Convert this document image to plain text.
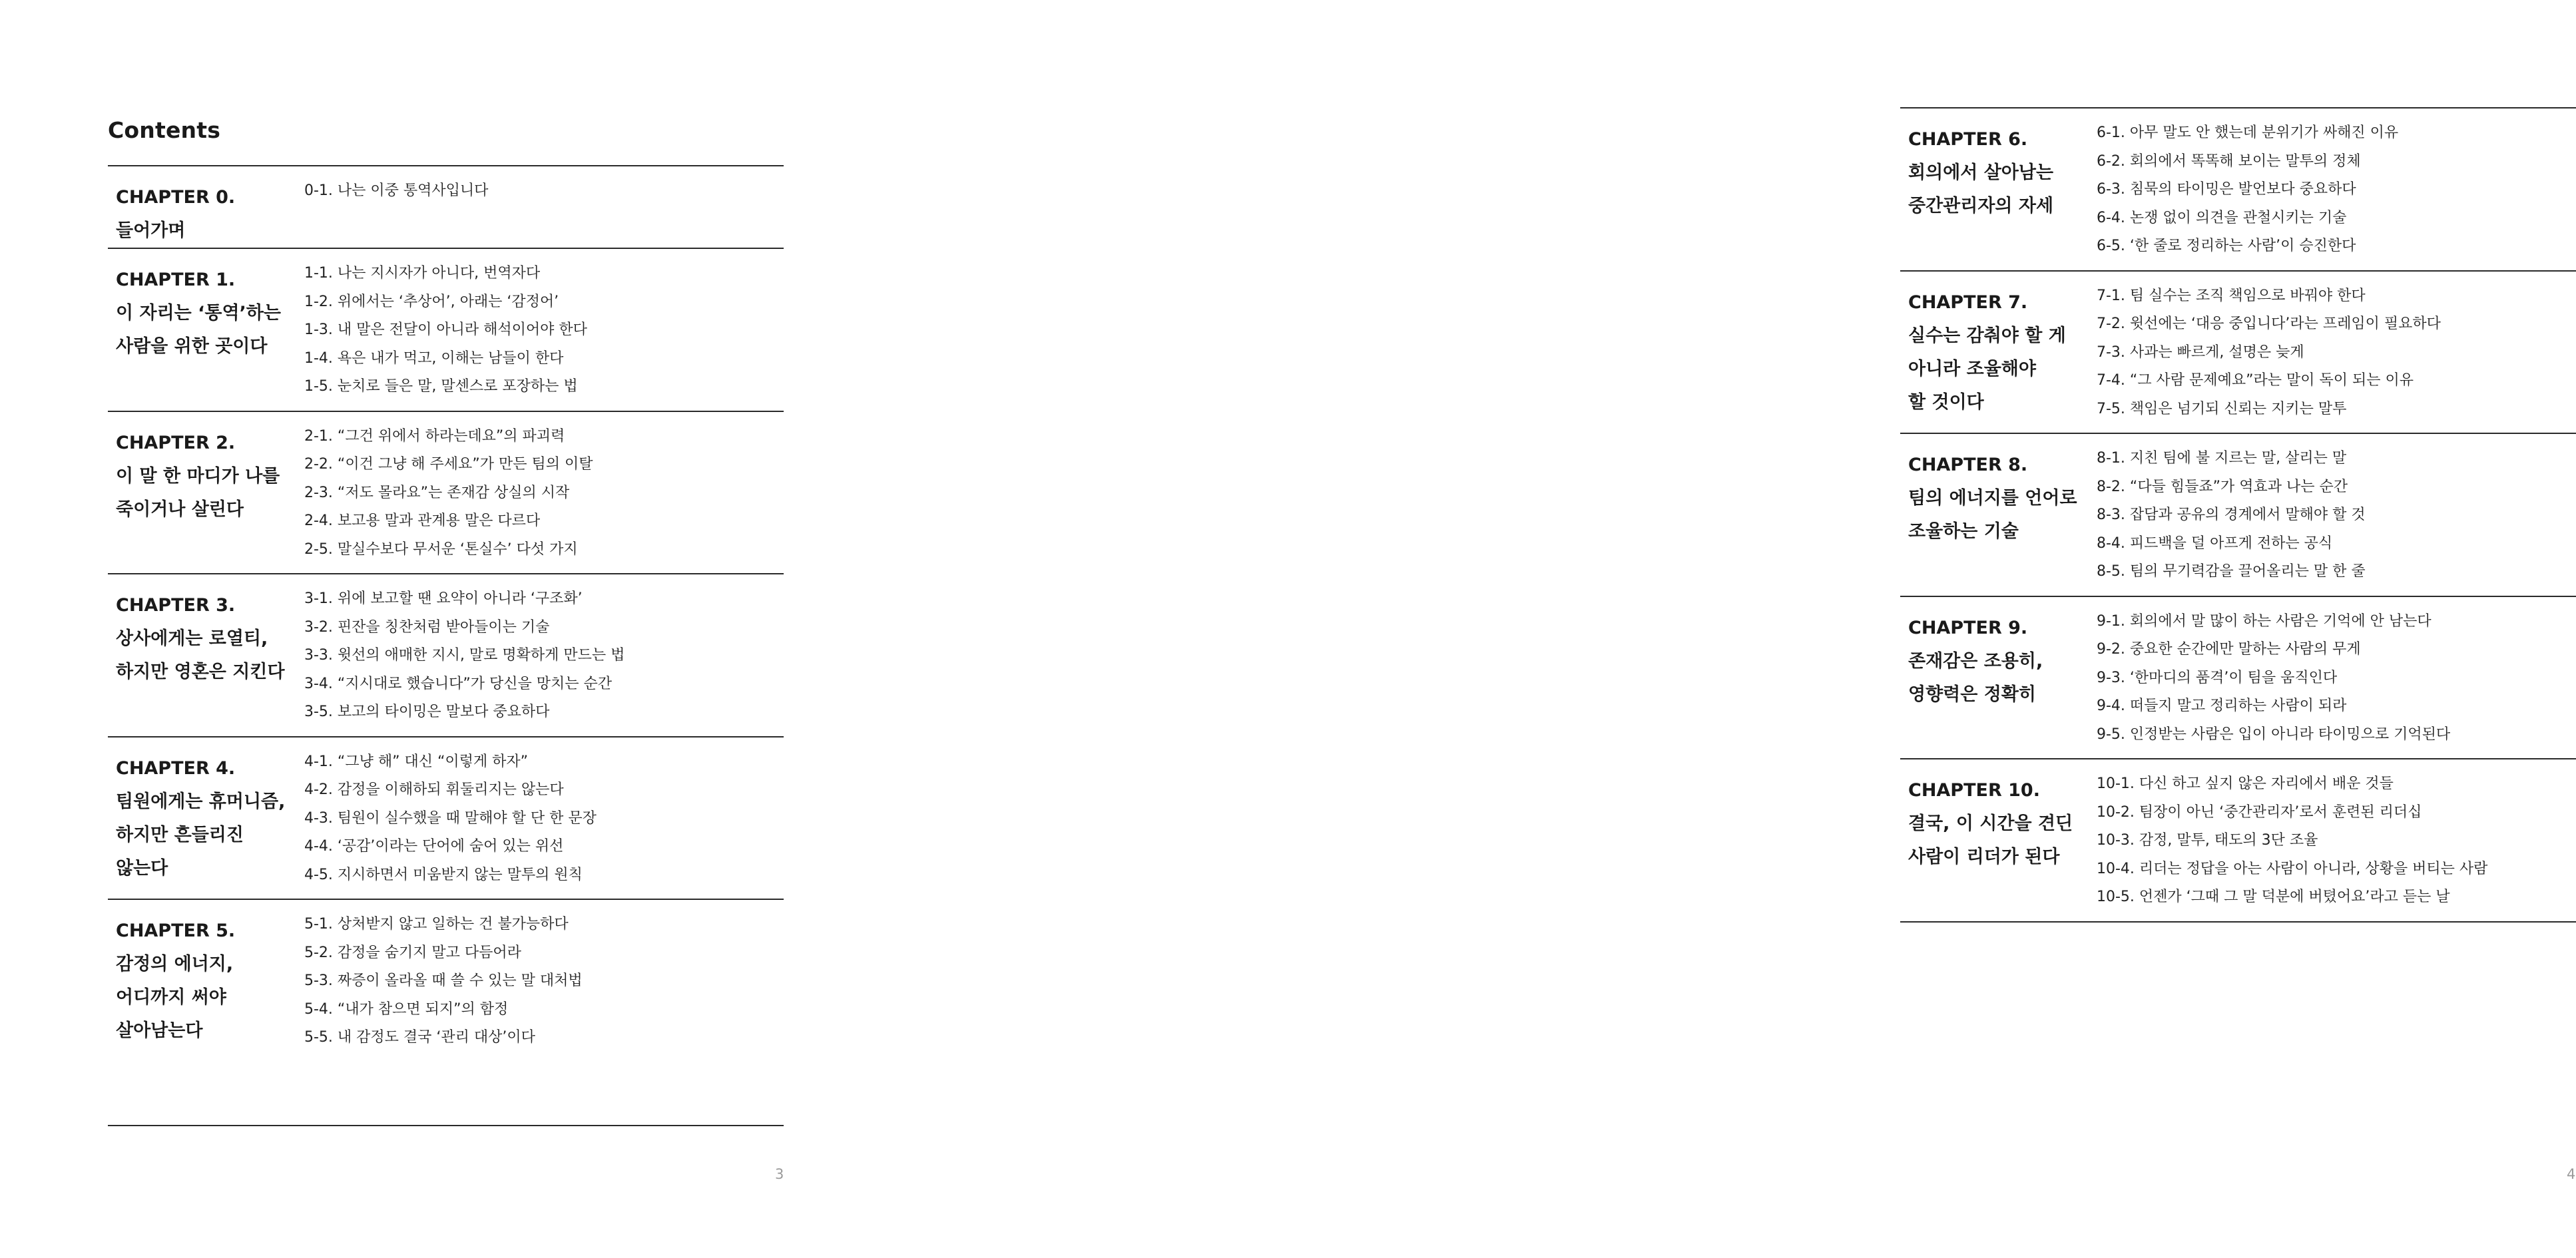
Contents
CHAPTER 0.
들어가며
0-1. 나는 이중 통역사입니다
CHAPTER 1.
이 자리는 ‘통역’하는
사람을 위한 곳이다
1-1. 나는 지시자가 아니다, 번역자다
1-2. 위에서는 ‘추상어’, 아래는 ‘감정어’
1-3. 내 말은 전달이 아니라 해석이어야 한다
1-4. 욕은 내가 먹고, 이해는 남들이 한다
1-5. 눈치로 들은 말, 말센스로 포장하는 법
CHAPTER 2.
이 말 한 마디가 나를
죽이거나 살린다
2-1. “그건 위에서 하라는데요”의 파괴력
2-2. “이건 그냥 해 주세요”가 만든 팀의 이탈
2-3. “저도 몰라요”는 존재감 상실의 시작
2-4. 보고용 말과 관계용 말은 다르다
2-5. 말실수보다 무서운 ‘톤실수’ 다섯 가지
CHAPTER 3.
상사에게는 로열티,
하지만 영혼은 지킨다
3-1. 위에 보고할 땐 요약이 아니라 ‘구조화’
3-2. 핀잔을 칭찬처럼 받아들이는 기술
3-3. 윗선의 애매한 지시, 말로 명확하게 만드는 법
3-4. “지시대로 했습니다”가 당신을 망치는 순간
3-5. 보고의 타이밍은 말보다 중요하다
CHAPTER 4.
팀원에게는 휴머니즘,
하지만 흔들리진
않는다
4-1. “그냥 해” 대신 “이렇게 하자”
4-2. 감정을 이해하되 휘둘리지는 않는다
4-3. 팀원이 실수했을 때 말해야 할 단 한 문장
4-4. ‘공감’이라는 단어에 숨어 있는 위선
4-5. 지시하면서 미움받지 않는 말투의 원칙
CHAPTER 5.
감정의 에너지,
어디까지 써야
살아남는다
5-1. 상처받지 않고 일하는 건 불가능하다
5-2. 감정을 숨기지 말고 다듬어라
5-3. 짜증이 올라올 때 쓸 수 있는 말 대처법
5-4. “내가 참으면 되지”의 함정
5-5. 내 감정도 결국 ‘관리 대상’이다
3
CHAPTER 6.
회의에서 살아남는
중간관리자의 자세
6-1. 아무 말도 안 했는데 분위기가 싸해진 이유
6-2. 회의에서 똑똑해 보이는 말투의 정체
6-3. 침묵의 타이밍은 발언보다 중요하다
6-4. 논쟁 없이 의견을 관철시키는 기술
6-5. ‘한 줄로 정리하는 사람’이 승진한다
CHAPTER 7.
실수는 감춰야 할 게
아니라 조율해야
할 것이다
7-1. 팀 실수는 조직 책임으로 바꿔야 한다
7-2. 윗선에는 ‘대응 중입니다’라는 프레임이 필요하다
7-3. 사과는 빠르게, 설명은 늦게
7-4. “그 사람 문제예요”라는 말이 독이 되는 이유
7-5. 책임은 넘기되 신뢰는 지키는 말투
CHAPTER 8.
팀의 에너지를 언어로
조율하는 기술
8-1. 지친 팀에 불 지르는 말, 살리는 말
8-2. “다들 힘들죠”가 역효과 나는 순간
8-3. 잡담과 공유의 경계에서 말해야 할 것
8-4. 피드백을 덜 아프게 전하는 공식
8-5. 팀의 무기력감을 끌어올리는 말 한 줄
CHAPTER 9.
존재감은 조용히,
영향력은 정확히
9-1. 회의에서 말 많이 하는 사람은 기억에 안 남는다
9-2. 중요한 순간에만 말하는 사람의 무게
9-3. ‘한마디의 품격’이 팀을 움직인다
9-4. 떠들지 말고 정리하는 사람이 되라
9-5. 인정받는 사람은 입이 아니라 타이밍으로 기억된다
CHAPTER 10.
결국, 이 시간을 견딘
사람이 리더가 된다
10-1. 다신 하고 싶지 않은 자리에서 배운 것들
10-2. 팀장이 아닌 ‘중간관리자’로서 훈련된 리더십
10-3. 감정, 말투, 태도의 3단 조율
10-4. 리더는 정답을 아는 사람이 아니라, 상황을 버티는 사람
10-5. 언젠가 ‘그때 그 말 덕분에 버텼어요’라고 듣는 날
4
